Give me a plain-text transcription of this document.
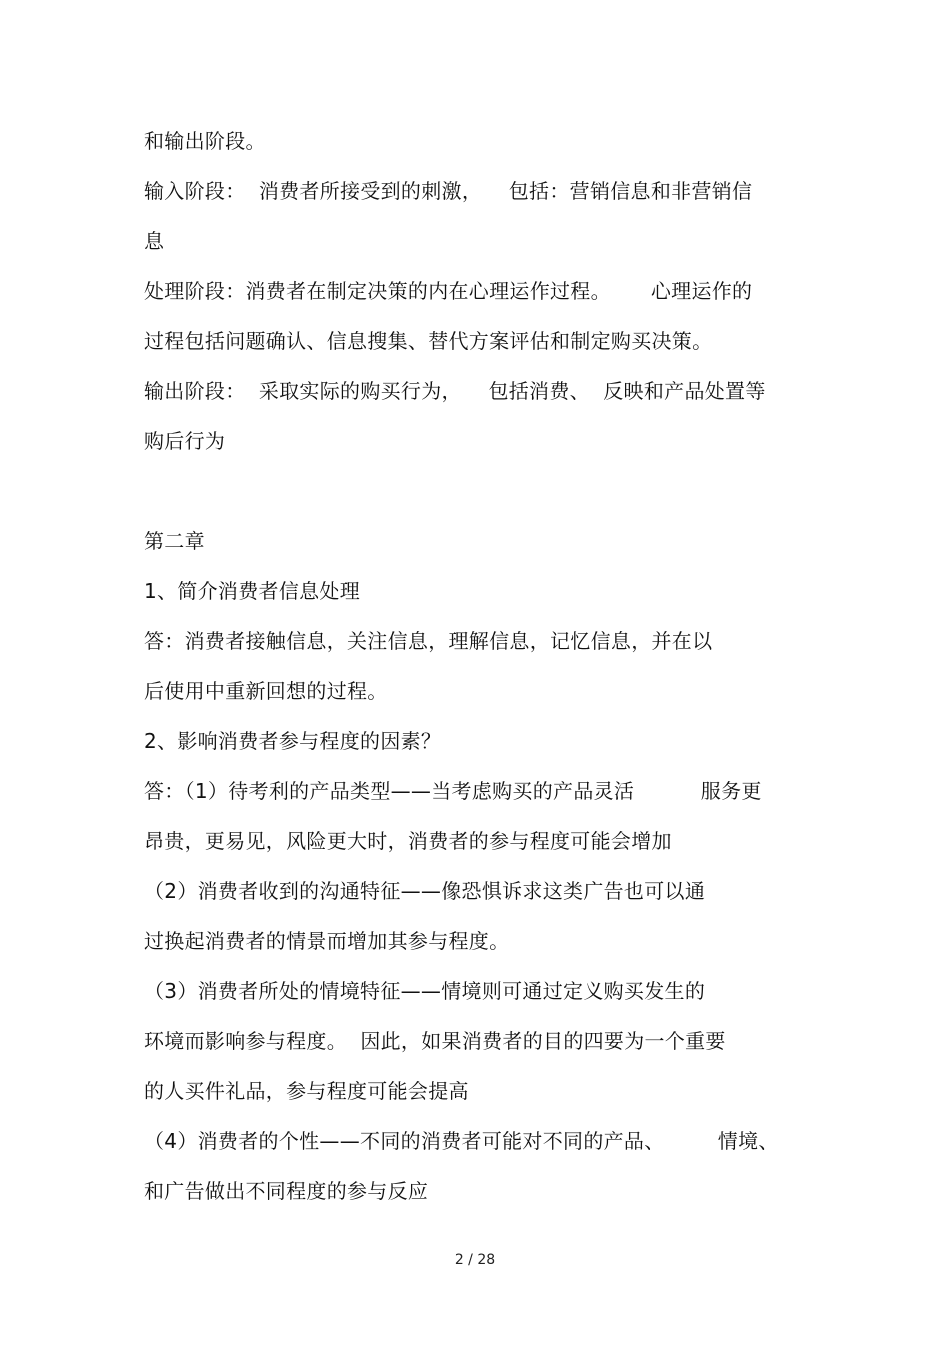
和输出阶段。
输入阶段：  消费者所接受到的刺激，    包括：营销信息和非营销信
息
处理阶段：消费者在制定决策的内在心理运作过程。      心理运作的
过程包括问题确认、信息搜集、替代方案评估和制定购买决策。
输出阶段：  采取实际的购买行为，    包括消费、  反映和产品处置等
购后行为
第二章
1、简介消费者信息处理
答：消费者接触信息，关注信息，理解信息，记忆信息，并在以
后使用中重新回想的过程。
2、影响消费者参与程度的因素？
答：（1）待考利的产品类型——当考虑购买的产品灵活          服务更
昂贵，更易见，风险更大时，消费者的参与程度可能会增加
（2）消费者收到的沟通特征——像恐惧诉求这类广告也可以通
过换起消费者的情景而增加其参与程度。
（3）消费者所处的情境特征——情境则可通过定义购买发生的
环境而影响参与程度。  因此，如果消费者的目的四要为一个重要
的人买件礼品，参与程度可能会提高
（4）消费者的个性——不同的消费者可能对不同的产品、        情境、
和广告做出不同程度的参与反应
2 / 28
